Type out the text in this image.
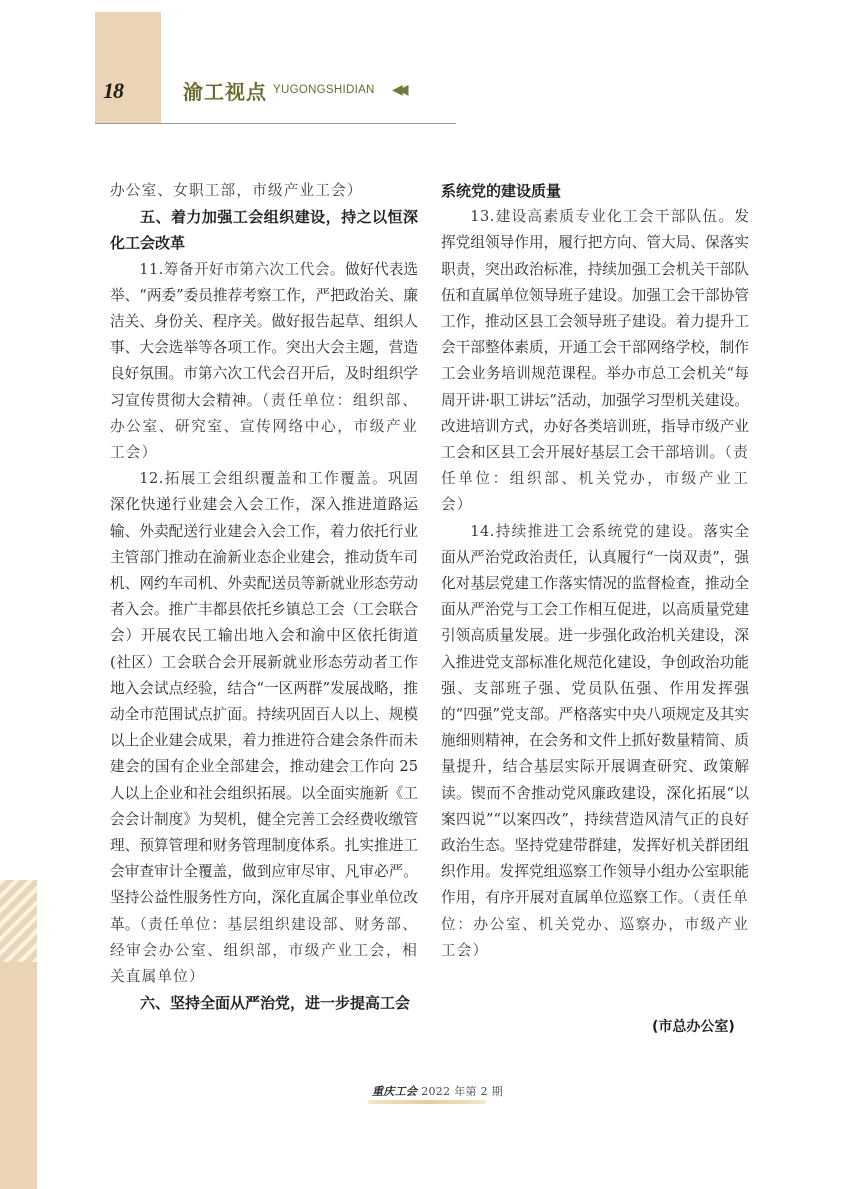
18	渝工视点 YUGONGSHIDIAN ◀◀

办公室、女职工部，市级产业工会）

五、着力加强工会组织建设，持之以恒深化工会改革

11.筹备开好市第六次工代会。做好代表选举、“两委”委员推荐考察工作，严把政治关、廉洁关、身份关、程序关。做好报告起草、组织人事、大会选举等各项工作。突出大会主题，营造良好氛围。市第六次工代会召开后，及时组织学习宣传贯彻大会精神。（责任单位：组织部、办公室、研究室、宣传网络中心，市级产业工会）

12.拓展工会组织覆盖和工作覆盖。巩固深化快递行业建会入会工作，深入推进道路运输、外卖配送行业建会入会工作，着力依托行业主管部门推动在渝新业态企业建会，推动货车司机、网约车司机、外卖配送员等新就业形态劳动者入会。推广丰都县依托乡镇总工会（工会联合会）开展农民工输出地入会和渝中区依托街道(社区）工会联合会开展新就业形态劳动者工作地入会试点经验，结合“一区两群”发展战略，推动全市范围试点扩面。持续巩固百人以上、规模以上企业建会成果，着力推进符合建会条件而未建会的国有企业全部建会，推动建会工作向 25 人以上企业和社会组织拓展。以全面实施新《工会会计制度》为契机，健全完善工会经费收缴管理、预算管理和财务管理制度体系。扎实推进工会审查审计全覆盖，做到应审尽审、凡审必严。坚持公益性服务性方向，深化直属企事业单位改革。（责任单位：基层组织建设部、财务部、经审会办公室、组织部，市级产业工会，相关直属单位）

六、坚持全面从严治党，进一步提高工会

系统党的建设质量

13.建设高素质专业化工会干部队伍。发挥党组领导作用，履行把方向、管大局、保落实职责，突出政治标准，持续加强工会机关干部队伍和直属单位领导班子建设。加强工会干部协管工作，推动区县工会领导班子建设。着力提升工会干部整体素质，开通工会干部网络学校，制作工会业务培训规范课程。举办市总工会机关“每周开讲·职工讲坛”活动，加强学习型机关建设。改进培训方式，办好各类培训班，指导市级产业工会和区县工会开展好基层工会干部培训。（责任单位：组织部、机关党办，市级产业工会）

14.持续推进工会系统党的建设。落实全面从严治党政治责任，认真履行“一岗双责”，强化对基层党建工作落实情况的监督检查，推动全面从严治党与工会工作相互促进，以高质量党建引领高质量发展。进一步强化政治机关建设，深入推进党支部标准化规范化建设，争创政治功能强、支部班子强、党员队伍强、作用发挥强的“四强”党支部。严格落实中央八项规定及其实施细则精神，在会务和文件上抓好数量精简、质量提升，结合基层实际开展调查研究、政策解读。锲而不舍推动党风廉政建设，深化拓展“以案四说”“以案四改”，持续营造风清气正的良好政治生态。坚持党建带群建，发挥好机关群团组织作用。发挥党组巡察工作领导小组办公室职能作用，有序开展对直属单位巡察工作。（责任单位：办公室、机关党办、巡察办，市级产业工会）

(市总办公室)
重庆工会 2022 年第 2 期
